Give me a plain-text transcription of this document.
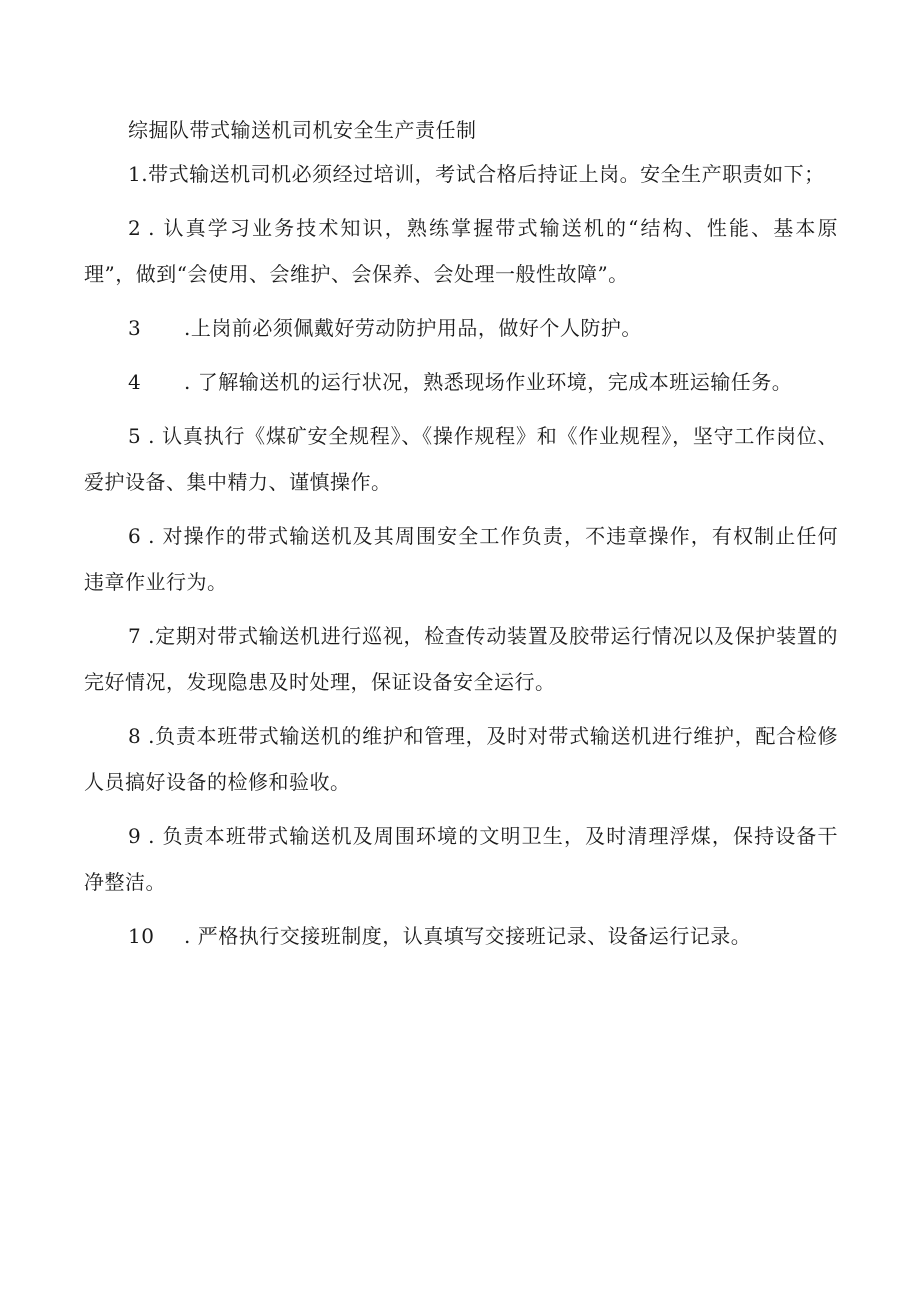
综掘队带式输送机司机安全生产责任制

1.带式输送机司机必须经过培训，考试合格后持证上岗。安全生产职责如下；

2 . 认真学习业务技术知识，熟练掌握带式输送机的“结构、性能、基本原理”，做到“会使用、会维护、会保养、会处理一般性故障”。

3 .上岗前必须佩戴好劳动防护用品，做好个人防护。

4 . 了解输送机的运行状况，熟悉现场作业环境，完成本班运输任务。

5 . 认真执行《煤矿安全规程》、《操作规程》和《作业规程》，坚守工作岗位、爱护设备、集中精力、谨慎操作。

6 . 对操作的带式输送机及其周围安全工作负责，不违章操作，有权制止任何违章作业行为。

7 .定期对带式输送机进行巡视，检查传动装置及胶带运行情况以及保护装置的完好情况，发现隐患及时处理，保证设备安全运行。

8 .负责本班带式输送机的维护和管理，及时对带式输送机进行维护，配合检修人员搞好设备的检修和验收。

9 . 负责本班带式输送机及周围环境的文明卫生，及时清理浮煤，保持设备干净整洁。

10 . 严格执行交接班制度，认真填写交接班记录、设备运行记录。
